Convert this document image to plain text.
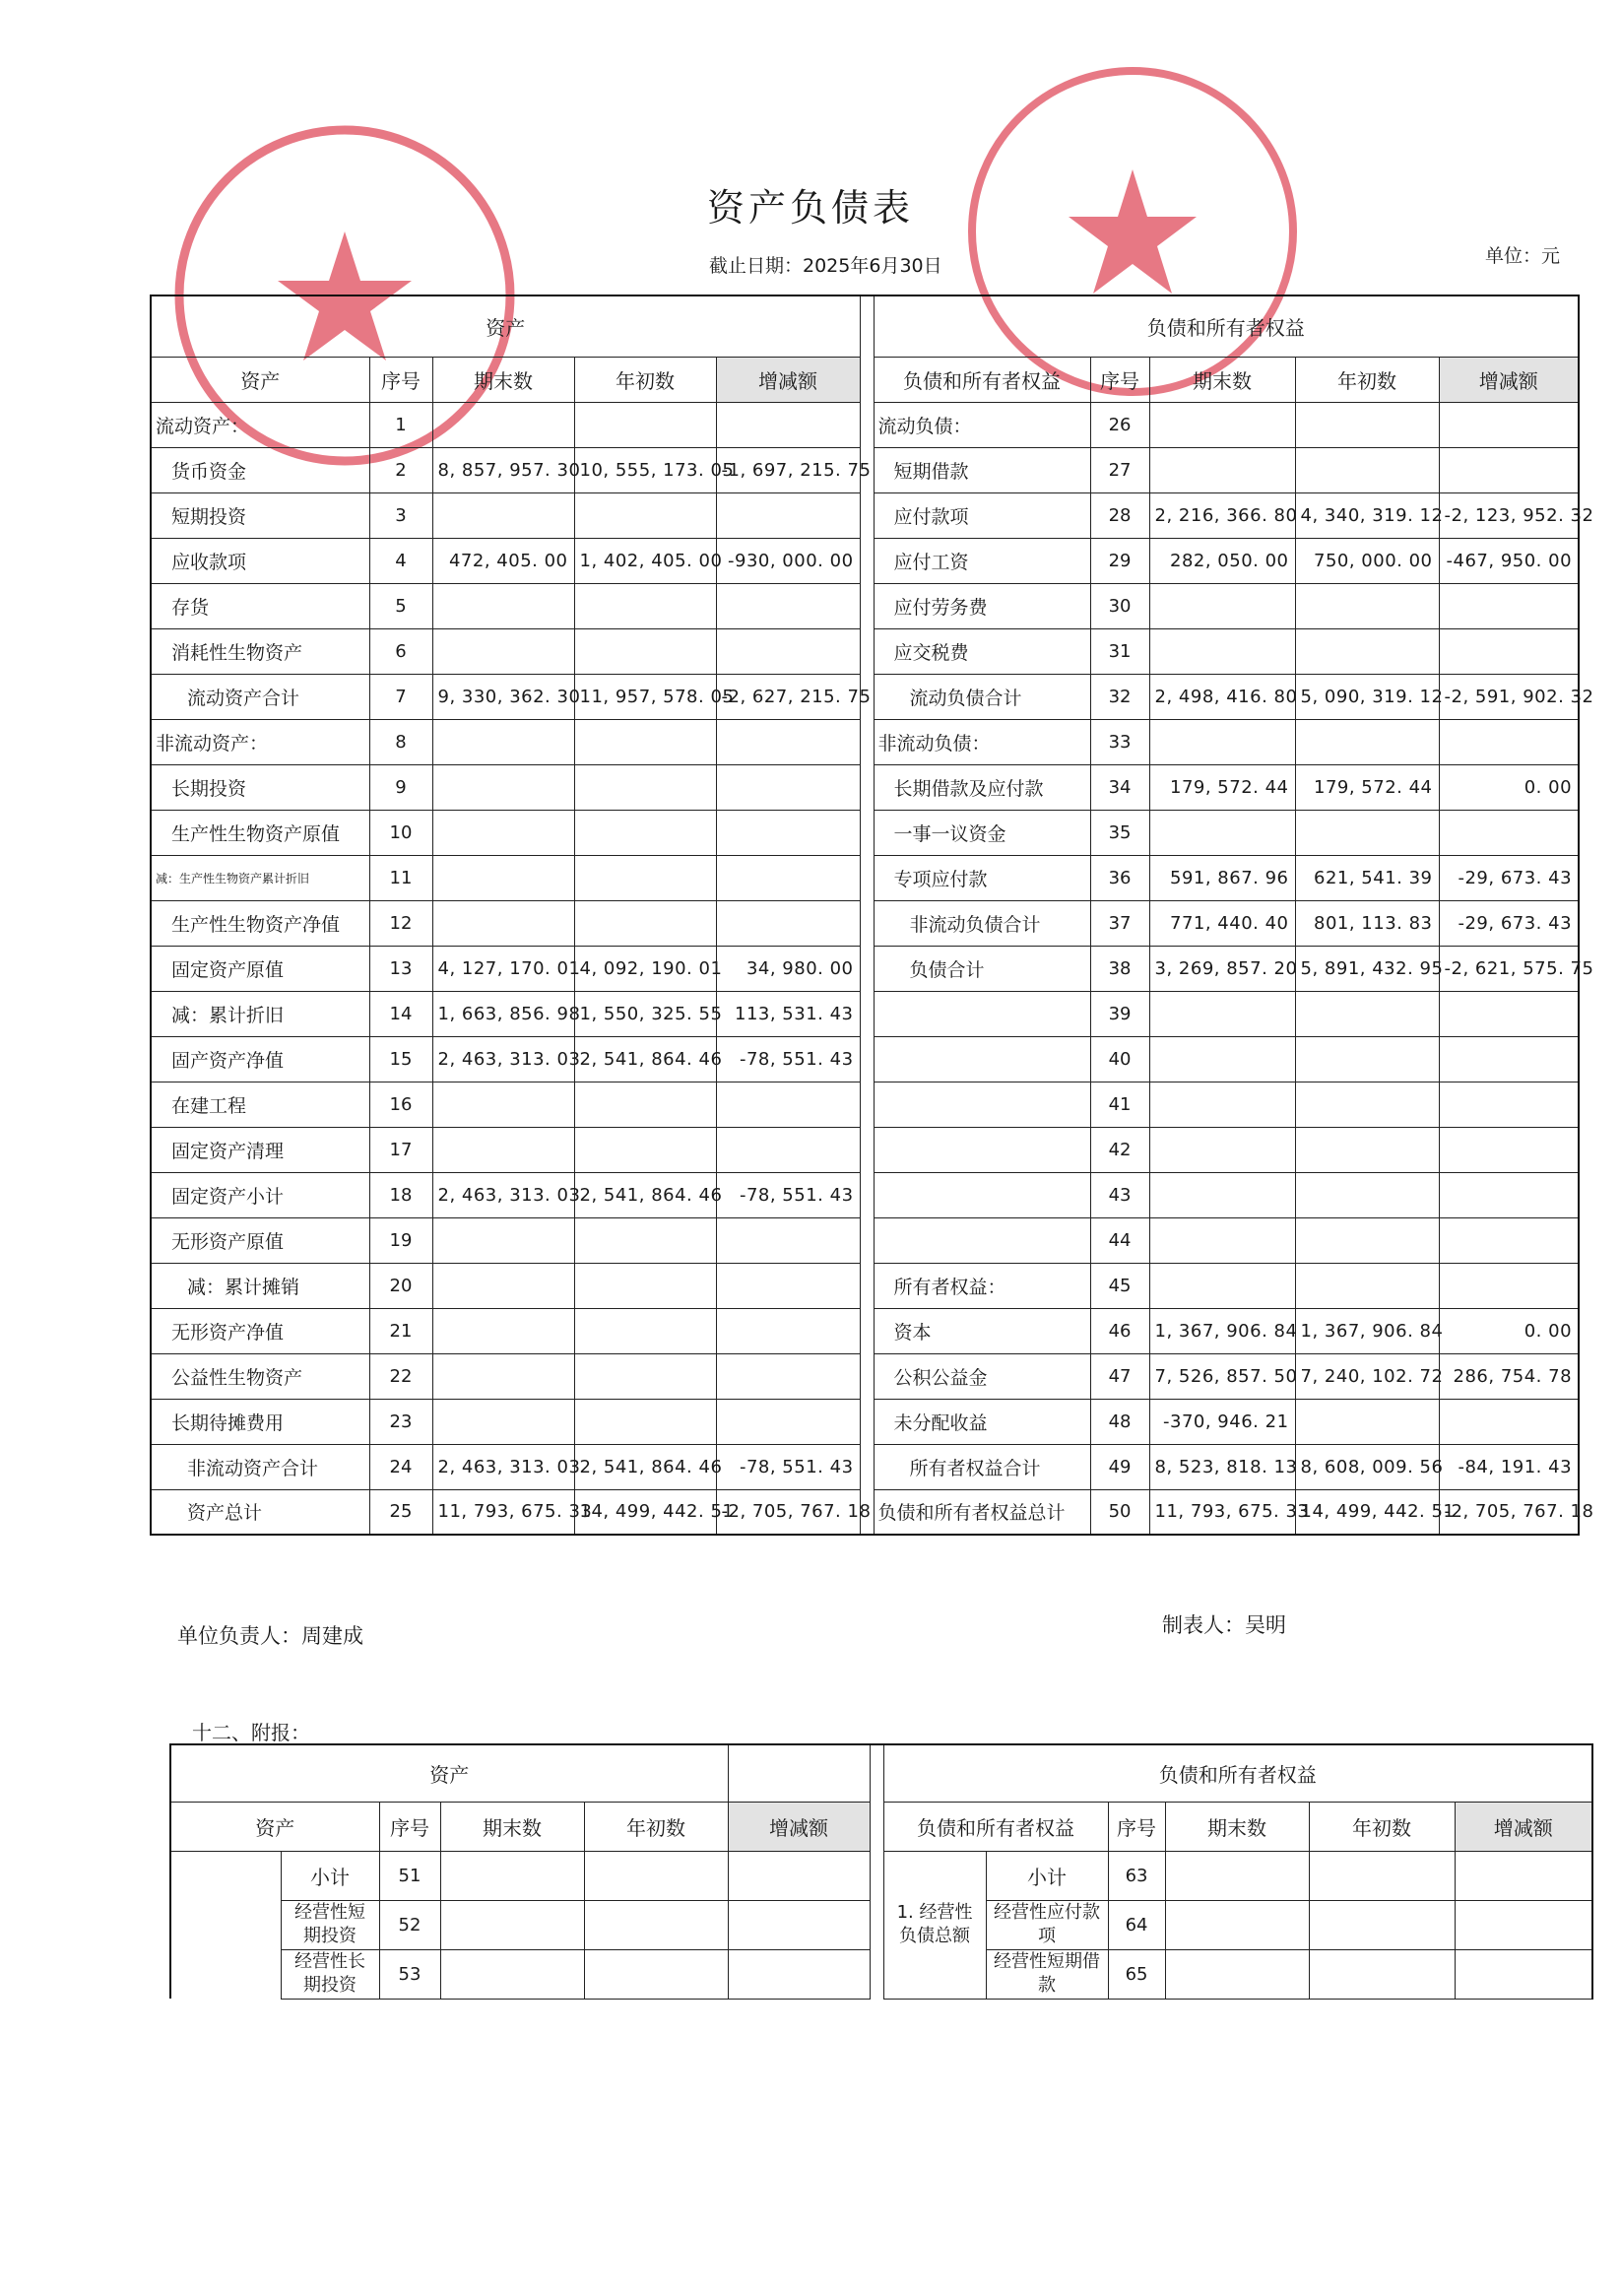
资产负债表
截止日期：2025年6月30日	单位：元
资产						负债和所有者权益				
资产	序号	期末数	年初数	增减额		负债和所有者权益	序号	期末数	年初数	增减额
流动资产：	1					流动负债：	26			
货币资金	2	8, 857, 957. 30	10, 555, 173. 05	-1, 697, 215. 75		短期借款	27			
短期投资	3					应付款项	28	2, 216, 366. 80	4, 340, 319. 12	-2, 123, 952. 32
应收款项	4	472, 405. 00	1, 402, 405. 00	-930, 000. 00		应付工资	29	282, 050. 00	750, 000. 00	-467, 950. 00
存货	5					应付劳务费	30			
消耗性生物资产	6					应交税费	31			
流动资产合计	7	9, 330, 362. 30	11, 957, 578. 05	-2, 627, 215. 75		流动负债合计	32	2, 498, 416. 80	5, 090, 319. 12	-2, 591, 902. 32
非流动资产：	8					非流动负债：	33			
长期投资	9					长期借款及应付款	34	179, 572. 44	179, 572. 44	0. 00
生产性生物资产原值	10					一事一议资金	35			
减：生产性生物资产累计折旧	11					专项应付款	36	591, 867. 96	621, 541. 39	-29, 673. 43
生产性生物资产净值	12					非流动负债合计	37	771, 440. 40	801, 113. 83	-29, 673. 43
固定资产原值	13	4, 127, 170. 01	4, 092, 190. 01	34, 980. 00		负债合计	38	3, 269, 857. 20	5, 891, 432. 95	-2, 621, 575. 75
减：累计折旧	14	1, 663, 856. 98	1, 550, 325. 55	113, 531. 43			39			
固产资产净值	15	2, 463, 313. 03	2, 541, 864. 46	-78, 551. 43			40			
在建工程	16						41			
固定资产清理	17						42			
固定资产小计	18	2, 463, 313. 03	2, 541, 864. 46	-78, 551. 43			43			
无形资产原值	19						44			
减：累计摊销	20					所有者权益：	45			
无形资产净值	21					资本	46	1, 367, 906. 84	1, 367, 906. 84	0. 00
公益性生物资产	22					公积公益金	47	7, 526, 857. 50	7, 240, 102. 72	286, 754. 78
长期待摊费用	23					未分配收益	48	-370, 946. 21		
非流动资产合计	24	2, 463, 313. 03	2, 541, 864. 46	-78, 551. 43		所有者权益合计	49	8, 523, 818. 13	8, 608, 009. 56	-84, 191. 43
资产总计	25	11, 793, 675. 33	14, 499, 442. 51	-2, 705, 767. 18		负债和所有者权益总计	50	11, 793, 675. 33	14, 499, 442. 51	-2, 705, 767. 18
单位负责人：周建成	制表人：吴明
十二、附报：
资产							负债和所有者权益					
资产		序号	期末数	年初数	增减额		负债和所有者权益		序号	期末数	年初数	增减额
	小计	51					1. 经营性负债总额	小计	63			
	经营性短期投资	52						经营性应付款项	64			
	经营性长期投资	53						经营性短期借款	65			
